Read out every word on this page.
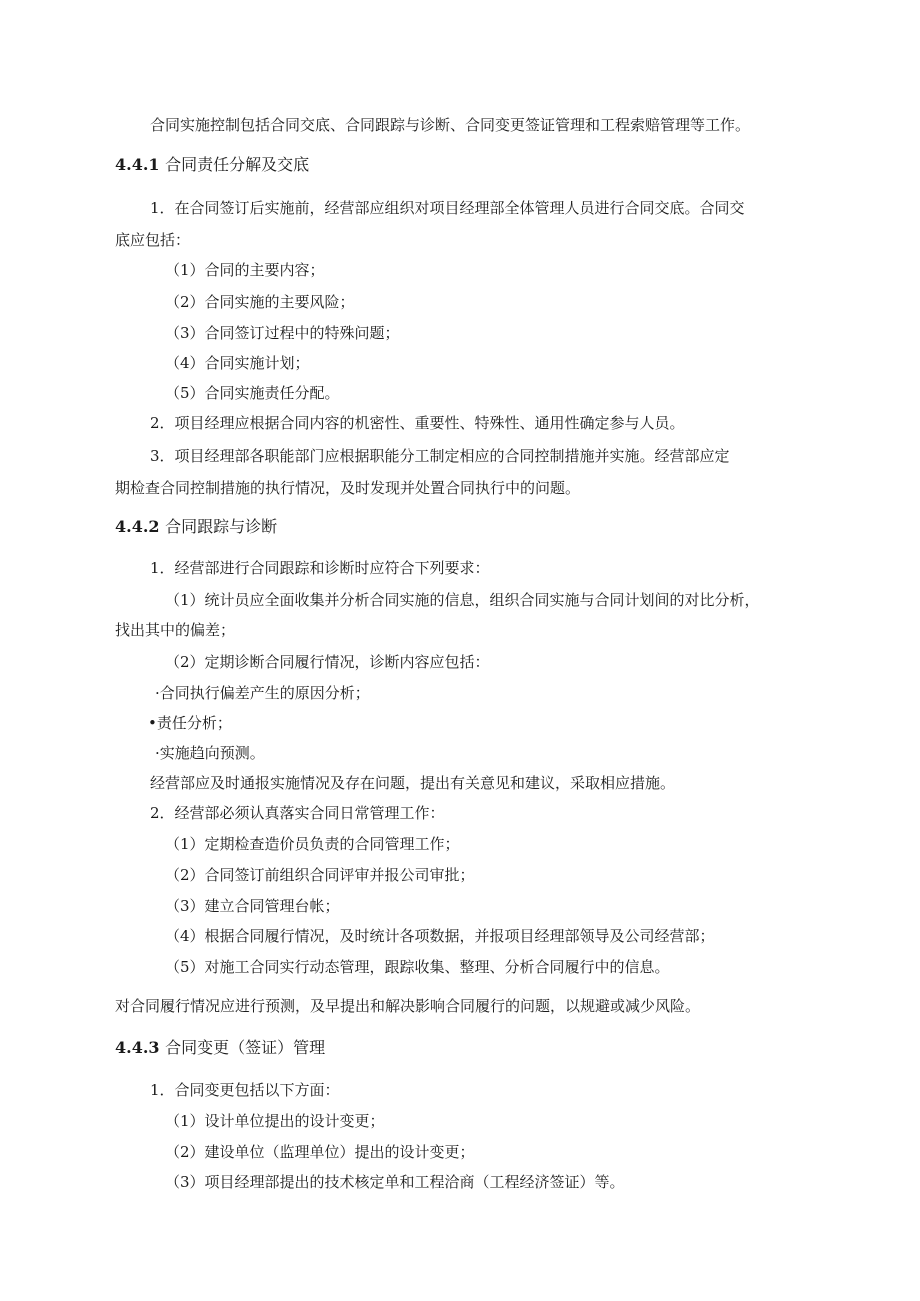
合同实施控制包括合同交底、合同跟踪与诊断、合同变更签证管理和工程索赔管理等工作。
4.4.1 合同责任分解及交底
1．在合同签订后实施前，经营部应组织对项目经理部全体管理人员进行合同交底。合同交
底应包括：
（1）合同的主要内容；
（2）合同实施的主要风险；
（3）合同签订过程中的特殊问题；
（4）合同实施计划；
（5）合同实施责任分配。
2．项目经理应根据合同内容的机密性、重要性、特殊性、通用性确定参与人员。
3．项目经理部各职能部门应根据职能分工制定相应的合同控制措施并实施。经营部应定
期检查合同控制措施的执行情况，及时发现并处置合同执行中的问题。
4.4.2 合同跟踪与诊断
1．经营部进行合同跟踪和诊断时应符合下列要求：
（1）统计员应全面收集并分析合同实施的信息，组织合同实施与合同计划间的对比分析，
找出其中的偏差；
（2）定期诊断合同履行情况，诊断内容应包括：
·合同执行偏差产生的原因分析；
•责任分析；
·实施趋向预测。
经营部应及时通报实施情况及存在问题，提出有关意见和建议，采取相应措施。
2．经营部必须认真落实合同日常管理工作：
（1）定期检查造价员负责的合同管理工作；
（2）合同签订前组织合同评审并报公司审批；
（3）建立合同管理台帐；
（4）根据合同履行情况，及时统计各项数据，并报项目经理部领导及公司经营部；
（5）对施工合同实行动态管理，跟踪收集、整理、分析合同履行中的信息。
对合同履行情况应进行预测，及早提出和解决影响合同履行的问题，以规避或减少风险。
4.4.3 合同变更（签证）管理
1．合同变更包括以下方面：
（1）设计单位提出的设计变更；
（2）建设单位（监理单位）提出的设计变更；
（3）项目经理部提出的技术核定单和工程洽商（工程经济签证）等。
